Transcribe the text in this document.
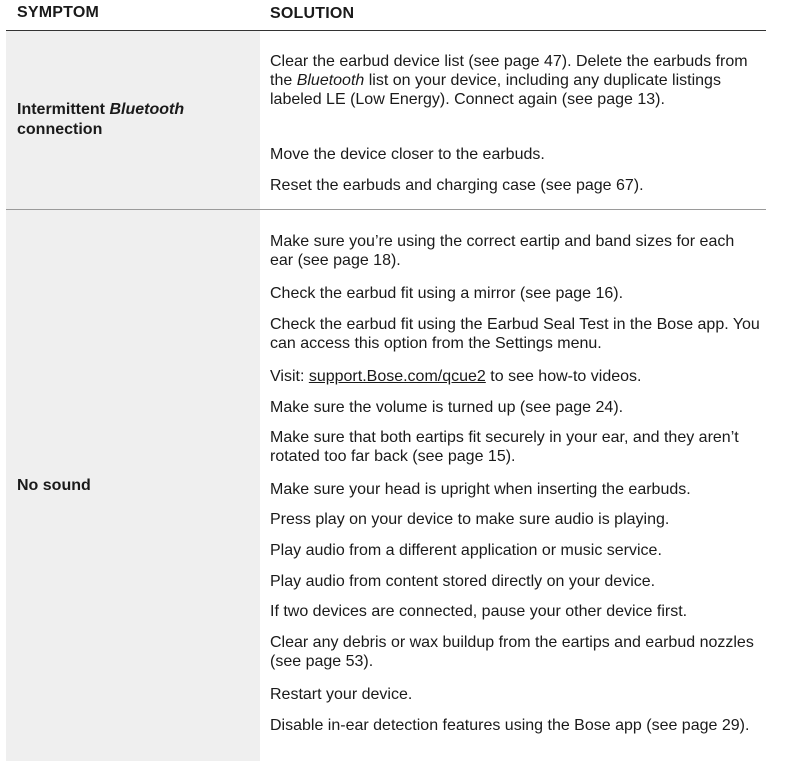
SYMPTOM	SOLUTION
Intermittent Bluetooth
connection

Clear the earbud device list (see page 47). Delete the earbuds from the Bluetooth list on your device, including any duplicate listings labeled LE (Low Energy). Connect again (see page 13).

Move the device closer to the earbuds.

Reset the earbuds and charging case (see page 67).

No sound

Make sure you’re using the correct eartip and band sizes for each ear (see page 18).

Check the earbud fit using a mirror (see page 16).

Check the earbud fit using the Earbud Seal Test in the Bose app. You can access this option from the Settings menu.

Visit: support.Bose.com/qcue2 to see how-to videos.

Make sure the volume is turned up (see page 24).

Make sure that both eartips fit securely in your ear, and they aren’t rotated too far back (see page 15).

Make sure your head is upright when inserting the earbuds.

Press play on your device to make sure audio is playing.

Play audio from a different application or music service.

Play audio from content stored directly on your device.

If two devices are connected, pause your other device first.

Clear any debris or wax buildup from the eartips and earbud nozzles (see page 53).

Restart your device.

Disable in-ear detection features using the Bose app (see page 29).
